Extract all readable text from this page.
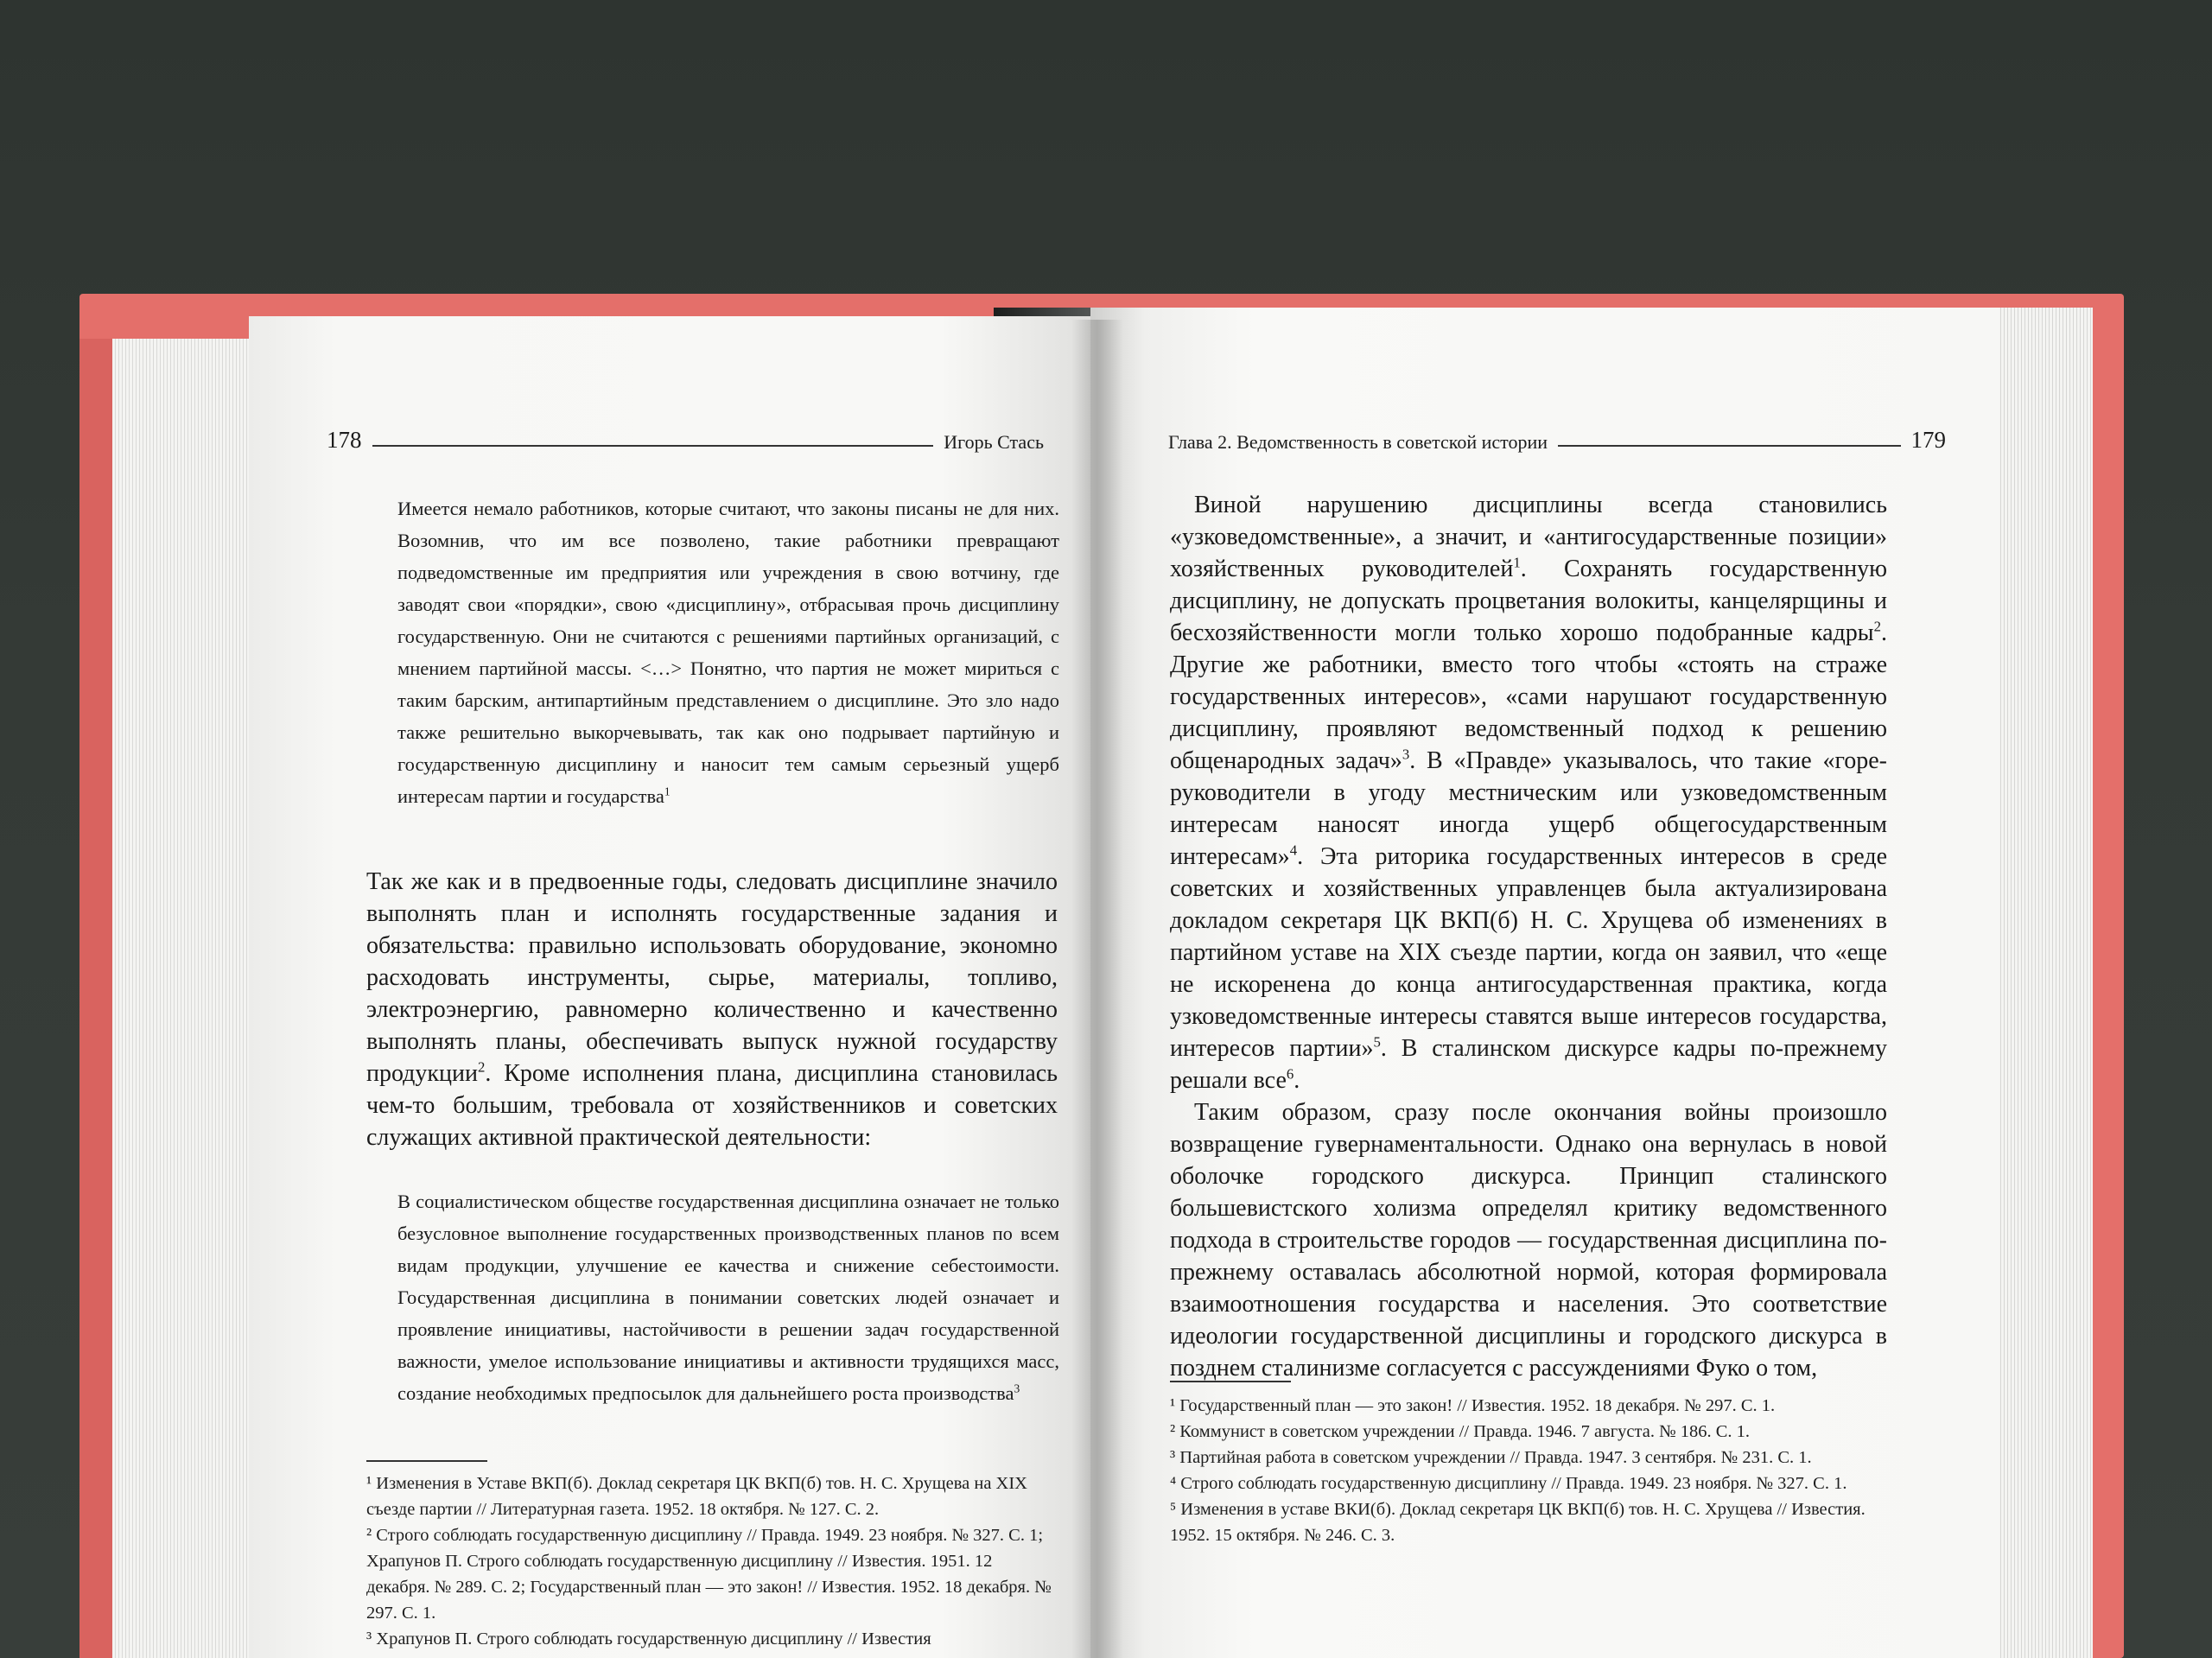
178	Игорь Стась

Имеется немало работников, которые считают, что законы писаны не для них. Возомнив, что им все позволено, такие работники превращают подведомственные им предприятия или учреждения в свою вотчину, где заводят свои «порядки», свою «дисциплину», отбрасывая прочь дисциплину государственную. Они не считаются с решениями партийных организаций, с мнением партийной массы. <…> Понятно, что партия не может мириться с таким барским, антипартийным представлением о дисциплине. Это зло надо также решительно выкорчевывать, так как оно подрывает партийную и государственную дисциплину и наносит тем самым серьезный ущерб интересам партии и государства$^1$

Так же как и в предвоенные годы, следовать дисциплине значило выполнять план и исполнять государственные задания и обязательства: правильно использовать оборудование, экономно расходовать инструменты, сырье, материалы, топливо, электроэнергию, равномерно количественно и качественно выполнять планы, обеспечивать выпуск нужной государству продукции$^2$. Кроме исполнения плана, дисциплина становилась чем-то большим, требовала от хозяйственников и советских служащих активной практической деятельности:

В социалистическом обществе государственная дисциплина означает не только безусловное выполнение государственных производственных планов по всем видам продукции, улучшение ее качества и снижение себестоимости. Государственная дисциплина в понимании советских людей означает и проявление инициативы, настойчивости в решении задач государственной важности, умелое использование инициативы и активности трудящихся масс, создание необходимых предпосылок для дальнейшего роста производства$^3$

¹ Изменения в Уставе ВКП(б). Доклад секретаря ЦК ВКП(б) тов. Н. С. Хрущева на XIX съезде партии // Литературная газета. 1952. 18 октября. № 127. С. 2.

² Строго соблюдать государственную дисциплину // Правда. 1949. 23 ноября. № 327. С. 1; Храпунов П. Строго соблюдать государственную дисциплину // Известия. 1951. 12 декабря. № 289. С. 2; Государственный план — это закон! // Известия. 1952. 18 декабря. № 297. С. 1.

³ Храпунов П. Строго соблюдать государственную дисциплину // Известия

Глава 2. Ведомственность в советской истории	179

Виной нарушению дисциплины всегда становились «узковедомственные», а значит, и «антигосударственные позиции» хозяйственных руководителей$^1$. Сохранять государственную дисциплину, не допускать процветания волокиты, канцелярщины и бесхозяйственности могли только хорошо подобранные кадры$^2$. Другие же работники, вместо того чтобы «стоять на страже государственных интересов», «сами нарушают государственную дисциплину, проявляют ведомственный подход к решению общенародных задач»$^3$. В «Правде» указывалось, что такие «горе-руководители в угоду местническим или узковедомственным интересам наносят иногда ущерб общегосударственным интересам»$^4$. Эта риторика государственных интересов в среде советских и хозяйственных управленцев была актуализирована докладом секретаря ЦК ВКП(б) Н. С. Хрущева об изменениях в партийном уставе на XIX съезде партии, когда он заявил, что «еще не искоренена до конца антигосударственная практика, когда узковедомственные интересы ставятся выше интересов государства, интересов партии»$^5$. В сталинском дискурсе кадры по-прежнему решали все$^6$.

Таким образом, сразу после окончания войны произошло возвращение гувернаментальности. Однако она вернулась в новой оболочке городского дискурса. Принцип сталинского большевистского холизма определял критику ведомственного подхода в строительстве городов — государственная дисциплина по-прежнему оставалась абсолютной нормой, которая формировала взаимоотношения государства и населения. Это соответствие идеологии государственной дисциплины и городского дискурса в позднем сталинизме согласуется с рассуждениями Фуко о том,

¹ Государственный план — это закон! // Известия. 1952. 18 декабря. № 297. С. 1.

² Коммунист в советском учреждении // Правда. 1946. 7 августа. № 186. С. 1.

³ Партийная работа в советском учреждении // Правда. 1947. 3 сентября. № 231. С. 1.

⁴ Строго соблюдать государственную дисциплину // Правда. 1949. 23 ноября. № 327. С. 1.

⁵ Изменения в уставе ВКИ(б). Доклад секретаря ЦК ВКП(б) тов. Н. С. Хрущева // Известия. 1952. 15 октября. № 246. С. 3.
